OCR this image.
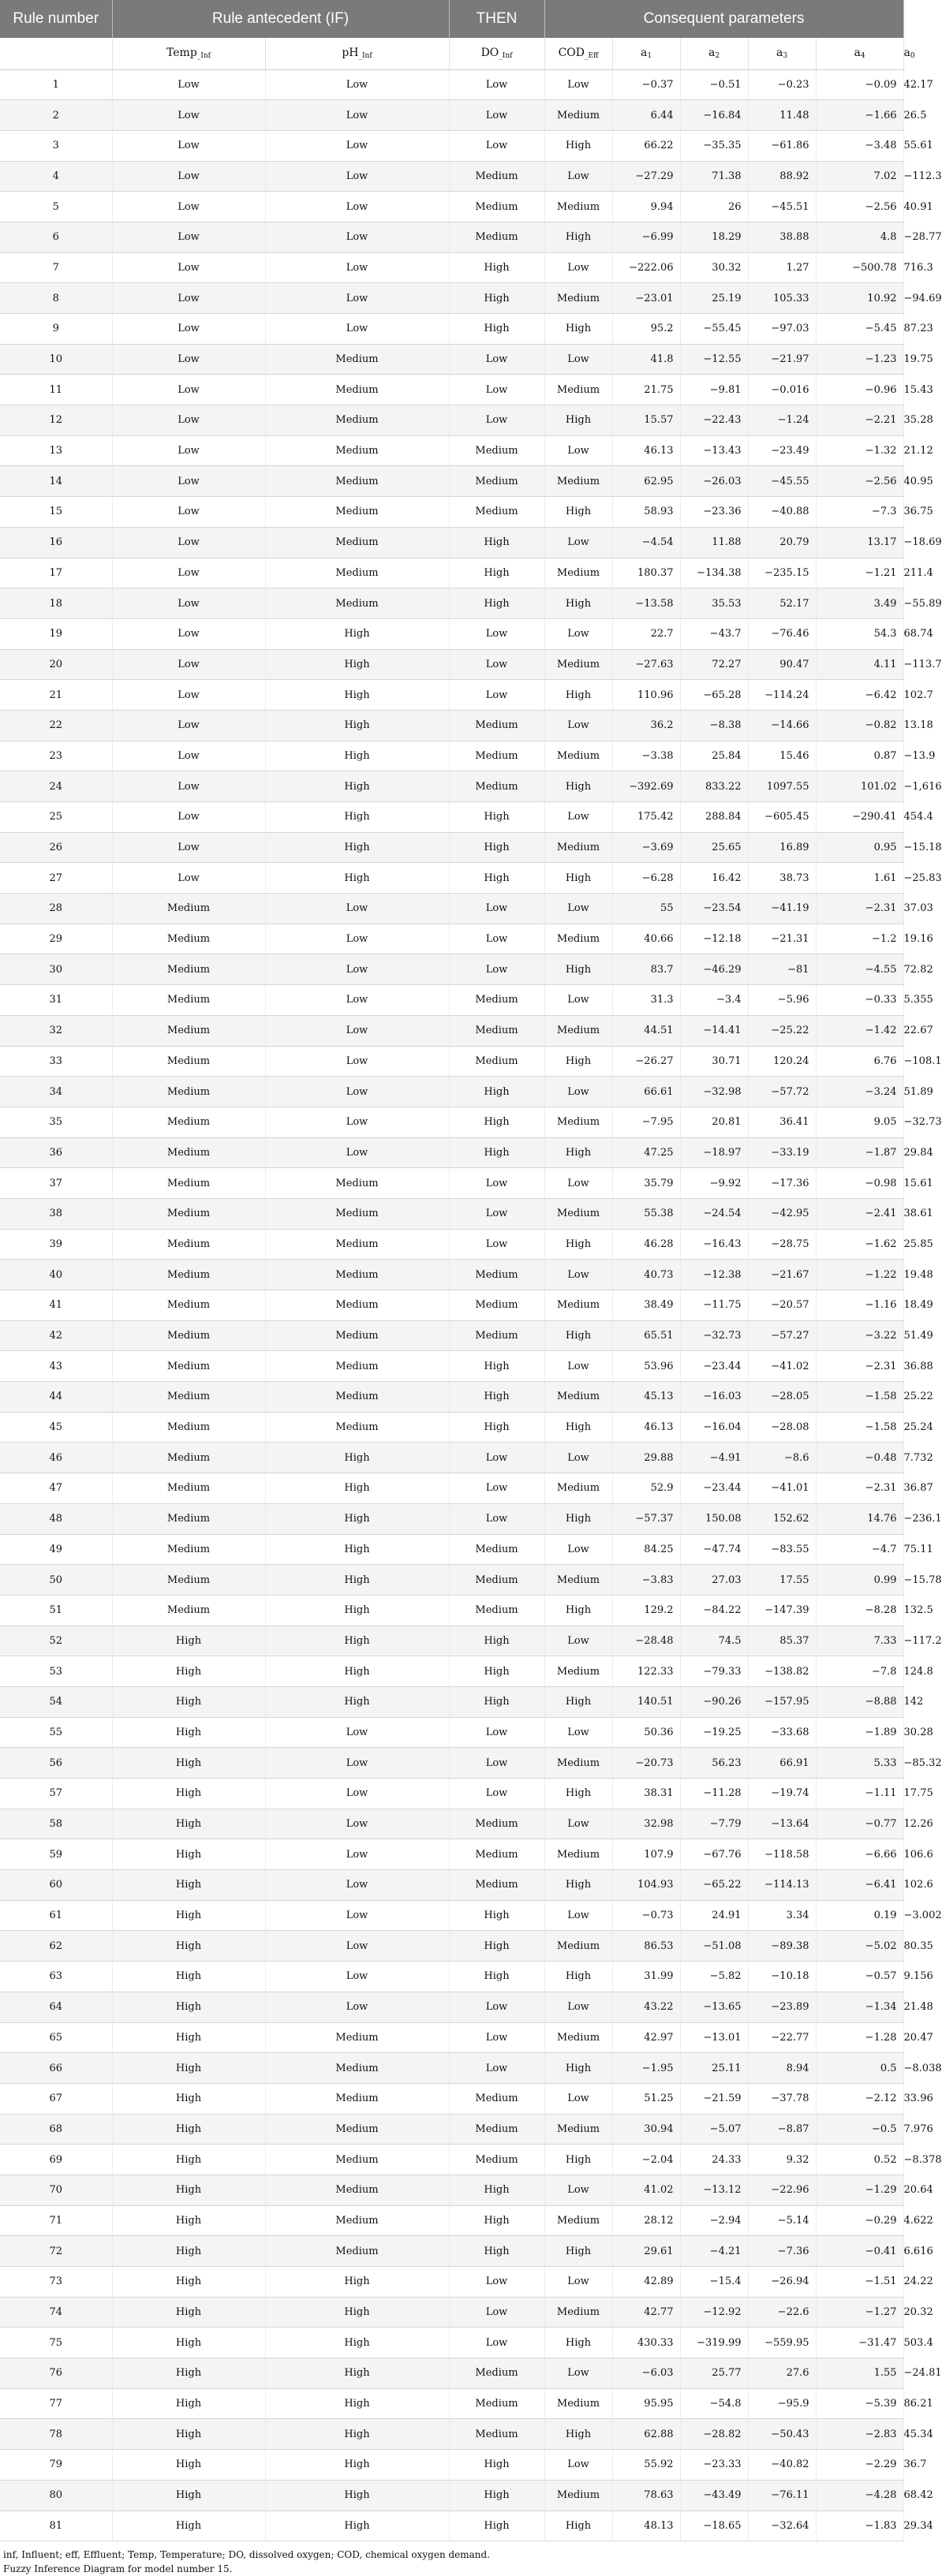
Rule number	Rule antecedent (IF)		THEN	Consequent parameters					
	Temp$_{\_Inf}$	$pH_{\_Inf}$	$DO_{\_Inf}$	$COD_{\_Eff}$	$a_1$	$a_2$	$a_3$	$a_4$	$a_0$
1	Low	Low	Low	Low	−0.37	−0.51	−0.23	−0.09	42.17
2	Low	Low	Low	Medium	6.44	−16.84	11.48	−1.66	26.5
3	Low	Low	Low	High	66.22	−35.35	−61.86	−3.48	55.61
4	Low	Low	Medium	Low	−27.29	71.38	88.92	7.02	−112.3
5	Low	Low	Medium	Medium	9.94	26	−45.51	−2.56	40.91
6	Low	Low	Medium	High	−6.99	18.29	38.88	4.8	−28.77
7	Low	Low	High	Low	−222.06	30.32	1.27	−500.78	716.3
8	Low	Low	High	Medium	−23.01	25.19	105.33	10.92	−94.69
9	Low	Low	High	High	95.2	−55.45	−97.03	−5.45	87.23
10	Low	Medium	Low	Low	41.8	−12.55	−21.97	−1.23	19.75
11	Low	Medium	Low	Medium	21.75	−9.81	−0.016	−0.96	15.43
12	Low	Medium	Low	High	15.57	−22.43	−1.24	−2.21	35.28
13	Low	Medium	Medium	Low	46.13	−13.43	−23.49	−1.32	21.12
14	Low	Medium	Medium	Medium	62.95	−26.03	−45.55	−2.56	40.95
15	Low	Medium	Medium	High	58.93	−23.36	−40.88	−7.3	36.75
16	Low	Medium	High	Low	−4.54	11.88	20.79	13.17	−18.69
17	Low	Medium	High	Medium	180.37	−134.38	−235.15	−1.21	211.4
18	Low	Medium	High	High	−13.58	35.53	52.17	3.49	−55.89
19	Low	High	Low	Low	22.7	−43.7	−76.46	54.3	68.74
20	Low	High	Low	Medium	−27.63	72.27	90.47	4.11	−113.7
21	Low	High	Low	High	110.96	−65.28	−114.24	−6.42	102.7
22	Low	High	Medium	Low	36.2	−8.38	−14.66	−0.82	13.18
23	Low	High	Medium	Medium	−3.38	25.84	15.46	0.87	−13.9
24	Low	High	Medium	High	−392.69	833.22	1097.55	101.02	−1,616
25	Low	High	High	Low	175.42	288.84	−605.45	−290.41	454.4
26	Low	High	High	Medium	−3.69	25.65	16.89	0.95	−15.18
27	Low	High	High	High	−6.28	16.42	38.73	1.61	−25.83
28	Medium	Low	Low	Low	55	−23.54	−41.19	−2.31	37.03
29	Medium	Low	Low	Medium	40.66	−12.18	−21.31	−1.2	19.16
30	Medium	Low	Low	High	83.7	−46.29	−81	−4.55	72.82
31	Medium	Low	Medium	Low	31.3	−3.4	−5.96	−0.33	5.355
32	Medium	Low	Medium	Medium	44.51	−14.41	−25.22	−1.42	22.67
33	Medium	Low	Medium	High	−26.27	30.71	120.24	6.76	−108.1
34	Medium	Low	High	Low	66.61	−32.98	−57.72	−3.24	51.89
35	Medium	Low	High	Medium	−7.95	20.81	36.41	9.05	−32.73
36	Medium	Low	High	High	47.25	−18.97	−33.19	−1.87	29.84
37	Medium	Medium	Low	Low	35.79	−9.92	−17.36	−0.98	15.61
38	Medium	Medium	Low	Medium	55.38	−24.54	−42.95	−2.41	38.61
39	Medium	Medium	Low	High	46.28	−16.43	−28.75	−1.62	25.85
40	Medium	Medium	Medium	Low	40.73	−12.38	−21.67	−1.22	19.48
41	Medium	Medium	Medium	Medium	38.49	−11.75	−20.57	−1.16	18.49
42	Medium	Medium	Medium	High	65.51	−32.73	−57.27	−3.22	51.49
43	Medium	Medium	High	Low	53.96	−23.44	−41.02	−2.31	36.88
44	Medium	Medium	High	Medium	45.13	−16.03	−28.05	−1.58	25.22
45	Medium	Medium	High	High	46.13	−16.04	−28.08	−1.58	25.24
46	Medium	High	Low	Low	29.88	−4.91	−8.6	−0.48	7.732
47	Medium	High	Low	Medium	52.9	−23.44	−41.01	−2.31	36.87
48	Medium	High	Low	High	−57.37	150.08	152.62	14.76	−236.1
49	Medium	High	Medium	Low	84.25	−47.74	−83.55	−4.7	75.11
50	Medium	High	Medium	Medium	−3.83	27.03	17.55	0.99	−15.78
51	Medium	High	Medium	High	129.2	−84.22	−147.39	−8.28	132.5
52	High	High	High	Low	−28.48	74.5	85.37	7.33	−117.2
53	High	High	High	Medium	122.33	−79.33	−138.82	−7.8	124.8
54	High	High	High	High	140.51	−90.26	−157.95	−8.88	142
55	High	Low	Low	Low	50.36	−19.25	−33.68	−1.89	30.28
56	High	Low	Low	Medium	−20.73	56.23	66.91	5.33	−85.32
57	High	Low	Low	High	38.31	−11.28	−19.74	−1.11	17.75
58	High	Low	Medium	Low	32.98	−7.79	−13.64	−0.77	12.26
59	High	Low	Medium	Medium	107.9	−67.76	−118.58	−6.66	106.6
60	High	Low	Medium	High	104.93	−65.22	−114.13	−6.41	102.6
61	High	Low	High	Low	−0.73	24.91	3.34	0.19	−3.002
62	High	Low	High	Medium	86.53	−51.08	−89.38	−5.02	80.35
63	High	Low	High	High	31.99	−5.82	−10.18	−0.57	9.156
64	High	Low	Low	Low	43.22	−13.65	−23.89	−1.34	21.48
65	High	Medium	Low	Medium	42.97	−13.01	−22.77	−1.28	20.47
66	High	Medium	Low	High	−1.95	25.11	8.94	0.5	−8.038
67	High	Medium	Medium	Low	51.25	−21.59	−37.78	−2.12	33.96
68	High	Medium	Medium	Medium	30.94	−5.07	−8.87	−0.5	7.976
69	High	Medium	Medium	High	−2.04	24.33	9.32	0.52	−8.378
70	High	Medium	High	Low	41.02	−13.12	−22.96	−1.29	20.64
71	High	Medium	High	Medium	28.12	−2.94	−5.14	−0.29	4.622
72	High	Medium	High	High	29.61	−4.21	−7.36	−0.41	6.616
73	High	High	Low	Low	42.89	−15.4	−26.94	−1.51	24.22
74	High	High	Low	Medium	42.77	−12.92	−22.6	−1.27	20.32
75	High	High	Low	High	430.33	−319.99	−559.95	−31.47	503.4
76	High	High	Medium	Low	−6.03	25.77	27.6	1.55	−24.81
77	High	High	Medium	Medium	95.95	−54.8	−95.9	−5.39	86.21
78	High	High	Medium	High	62.88	−28.82	−50.43	−2.83	45.34
79	High	High	High	Low	55.92	−23.33	−40.82	−2.29	36.7
80	High	High	High	Medium	78.63	−43.49	−76.11	−4.28	68.42
81	High	High	High	High	48.13	−18.65	−32.64	−1.83	29.34
inf, Influent; eff, Effluent; Temp, Temperature; DO, dissolved oxygen; COD, chemical oxygen demand.
Fuzzy Inference Diagram for model number 15.
